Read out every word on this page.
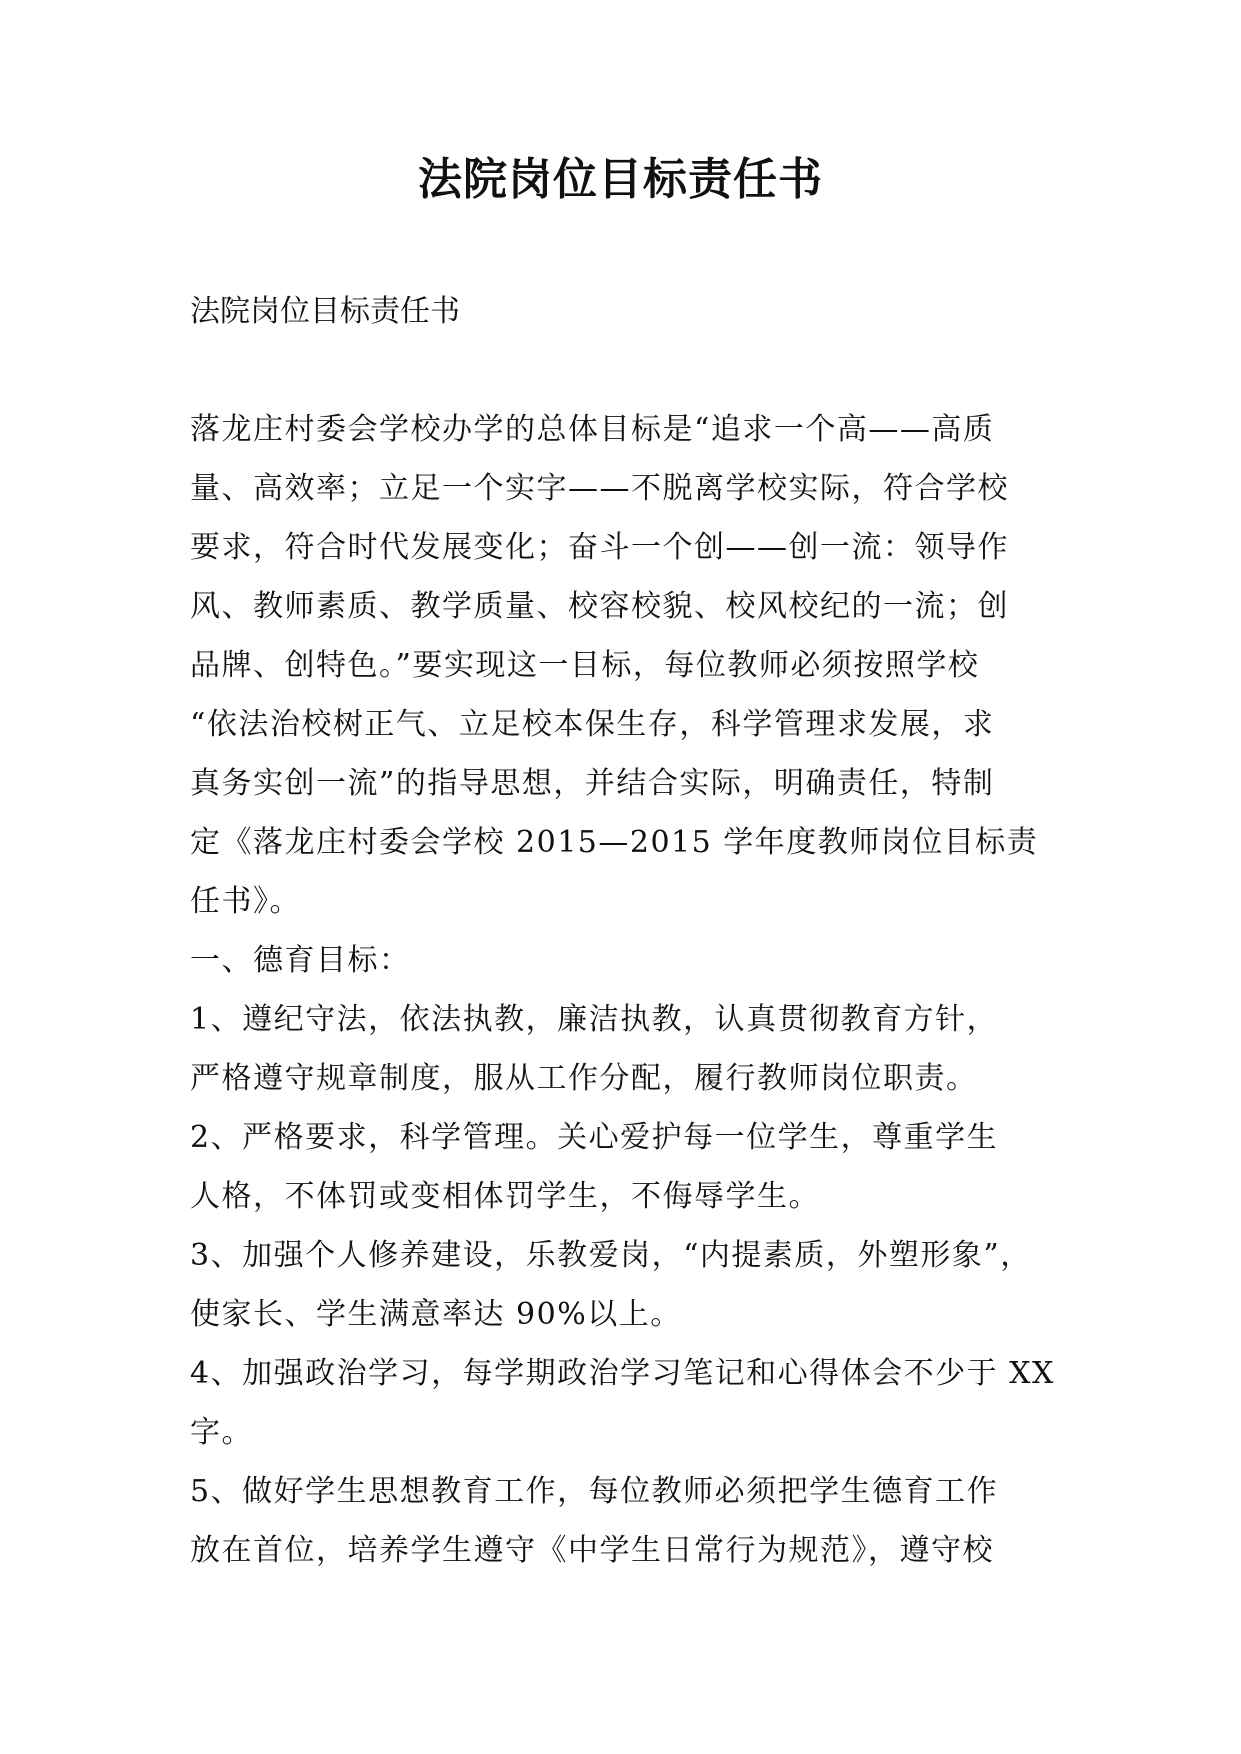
法院岗位目标责任书

法院岗位目标责任书

落龙庄村委会学校办学的总体目标是“追求一个高——高质
量、高效率；立足一个实字——不脱离学校实际，符合学校
要求，符合时代发展变化；奋斗一个创——创一流：领导作
风、教师素质、教学质量、校容校貌、校风校纪的一流；创
品牌、创特色。”要实现这一目标，每位教师必须按照学校
“依法治校树正气、立足校本保生存，科学管理求发展，求
真务实创一流”的指导思想，并结合实际，明确责任，特制
定《落龙庄村委会学校 2015—2015 学年度教师岗位目标责
任书》。
一、德育目标：
1、遵纪守法，依法执教，廉洁执教，认真贯彻教育方针，
严格遵守规章制度，服从工作分配，履行教师岗位职责。
2、严格要求，科学管理。关心爱护每一位学生，尊重学生
人格，不体罚或变相体罚学生，不侮辱学生。
3、加强个人修养建设，乐教爱岗，“内提素质，外塑形象”，
使家长、学生满意率达 90%以上。
4、加强政治学习，每学期政治学习笔记和心得体会不少于 XX
字。
5、做好学生思想教育工作，每位教师必须把学生德育工作
放在首位，培养学生遵守《中学生日常行为规范》，遵守校
